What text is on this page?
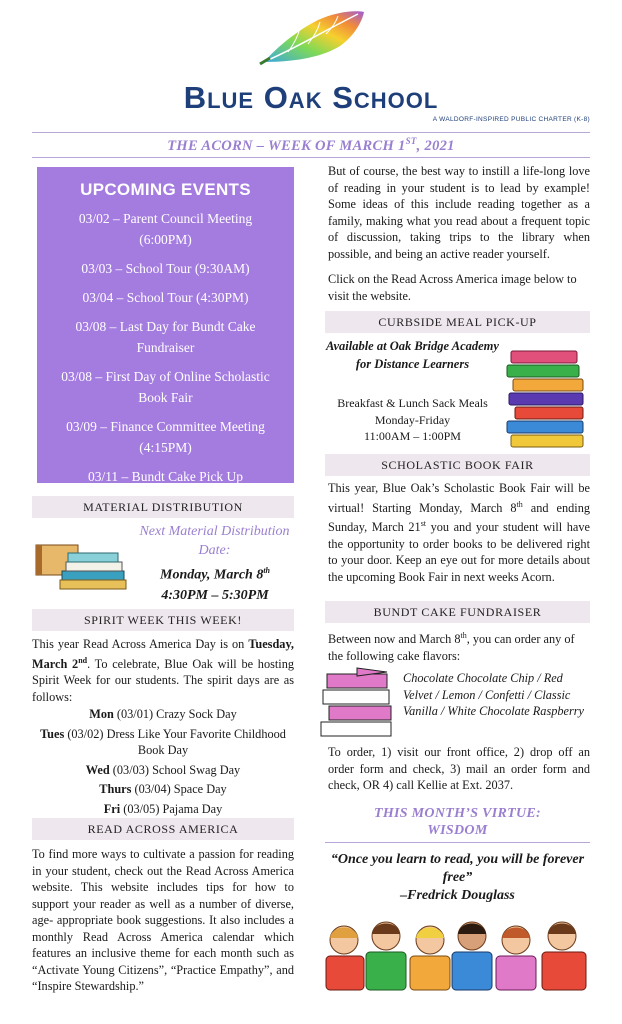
Blue Oak School
A WALDORF-INSPIRED PUBLIC CHARTER (K-8)
THE ACORN – WEEK OF MARCH 1ST, 2021
UPCOMING EVENTS
03/02 – Parent Council Meeting (6:00PM)
03/03 – School Tour (9:30AM)
03/04 – School Tour (4:30PM)
03/08 – Last Day for Bundt Cake Fundraiser
03/08 – First Day of Online Scholastic Book Fair
03/09 – Finance Committee Meeting (4:15PM)
03/11 – Bundt Cake Pick Up
MATERIAL DISTRIBUTION
Next Material Distribution Date:
Monday, March 8th
4:30PM – 5:30PM
SPIRIT WEEK THIS WEEK!
This year Read Across America Day is on Tuesday, March 2nd. To celebrate, Blue Oak will be hosting Spirit Week for our students. The spirit days are as follows:
Mon (03/01) Crazy Sock Day
Tues (03/02) Dress Like Your Favorite Childhood Book Day
Wed (03/03) School Swag Day
Thurs (03/04) Space Day
Fri (03/05) Pajama Day
READ ACROSS AMERICA
To find more ways to cultivate a passion for reading in your student, check out the Read Across America website. This website includes tips for how to support your reader as well as a number of diverse, age- appropriate book suggestions. It also includes a monthly Read Across America calendar which features an inclusive theme for each month such as “Activate Young Citizens”, “Practice Empathy”, and “Inspire Stewardship.”
But of course, the best way to instill a life-long love of reading in your student is to lead by example! Some ideas of this include reading together as a family, making what you read about a frequent topic of discussion, taking trips to the library when possible, and being an active reader yourself.
Click on the Read Across America image below to visit the website.
CURBSIDE MEAL PICK-UP
Available at Oak Bridge Academy for Distance Learners
Breakfast & Lunch Sack Meals
Monday-Friday
11:00AM – 1:00PM
SCHOLASTIC BOOK FAIR
This year, Blue Oak’s Scholastic Book Fair will be virtual! Starting Monday, March 8th and ending Sunday, March 21st you and your student will have the opportunity to order books to be delivered right to your door. Keep an eye out for more details about the upcoming Book Fair in next weeks Acorn.
BUNDT CAKE FUNDRAISER
Between now and March 8th, you can order any of the following cake flavors:
Chocolate Chocolate Chip / Red Velvet / Lemon / Confetti / Classic Vanilla / White Chocolate Raspberry
To order, 1) visit our front office, 2) drop off an order form and check, 3) mail an order form and check, OR 4) call Kellie at Ext. 2037.
THIS MONTH’S VIRTUE:
WISDOM
“Once you learn to read, you will be forever free”
–Fredrick Douglass
